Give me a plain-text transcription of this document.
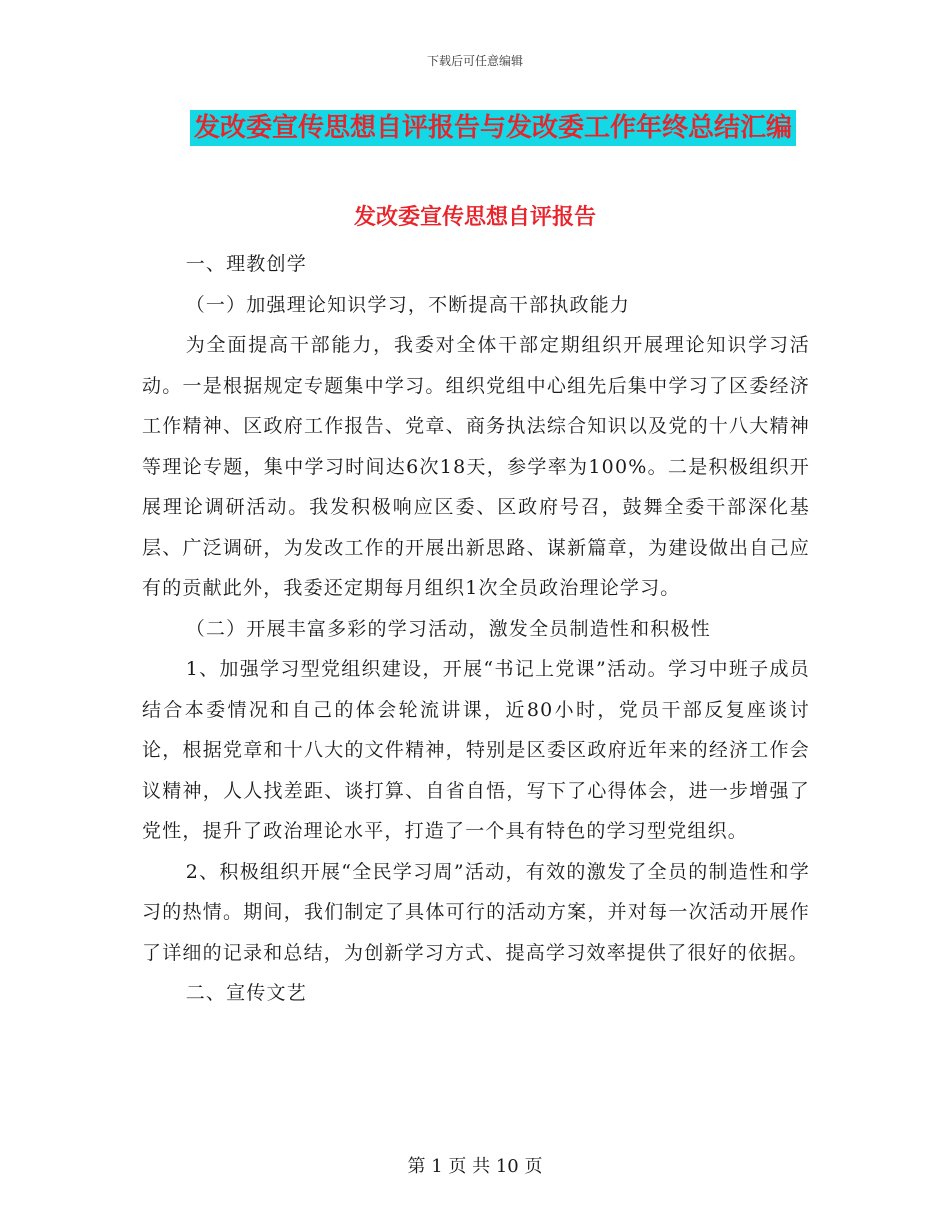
下载后可任意编辑
发改委宣传思想自评报告与发改委工作年终总结汇编
发改委宣传思想自评报告

一、理教创学

（一）加强理论知识学习，不断提高干部执政能力

为全面提高干部能力，我委对全体干部定期组织开展理论知识学习活动。一是根据规定专题集中学习。组织党组中心组先后集中学习了区委经济工作精神、区政府工作报告、党章、商务执法综合知识以及党的十八大精神等理论专题，集中学习时间达6次18天，参学率为100%。二是积极组织开展理论调研活动。我发积极响应区委、区政府号召，鼓舞全委干部深化基层、广泛调研，为发改工作的开展出新思路、谋新篇章，为建设做出自己应有的贡献此外，我委还定期每月组织1次全员政治理论学习。

（二）开展丰富多彩的学习活动，激发全员制造性和积极性

1、加强学习型党组织建设，开展“书记上党课”活动。学习中班子成员结合本委情况和自己的体会轮流讲课，近80小时，党员干部反复座谈讨论，根据党章和十八大的文件精神，特别是区委区政府近年来的经济工作会议精神，人人找差距、谈打算、自省自悟，写下了心得体会，进一步增强了党性，提升了政治理论水平，打造了一个具有特色的学习型党组织。

2、积极组织开展“全民学习周”活动，有效的激发了全员的制造性和学习的热情。期间，我们制定了具体可行的活动方案，并对每一次活动开展作了详细的记录和总结，为创新学习方式、提高学习效率提供了很好的依据。

二、宣传文艺

第 1 页 共 10 页
